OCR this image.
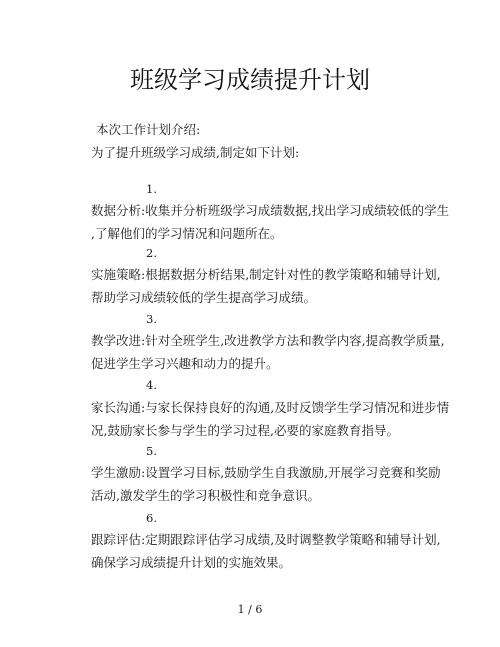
班级学习成绩提升计划

本次工作计划介绍:

为了提升班级学习成绩,制定如下计划:

1.

数据分析:收集并分析班级学习成绩数据,找出学习成绩较低的学生
,了解他们的学习情况和问题所在。

2.

实施策略:根据数据分析结果,制定针对性的教学策略和辅导计划,
帮助学习成绩较低的学生提高学习成绩。

3.

教学改进:针对全班学生,改进教学方法和教学内容,提高教学质量,
促进学生学习兴趣和动力的提升。

4.

家长沟通:与家长保持良好的沟通,及时反馈学生学习情况和进步情
况,鼓励家长参与学生的学习过程,必要的家庭教育指导。

5.

学生激励:设置学习目标,鼓励学生自我激励,开展学习竞赛和奖励
活动,激发学生的学习积极性和竞争意识。

6.

跟踪评估:定期跟踪评估学习成绩,及时调整教学策略和辅导计划,
确保学习成绩提升计划的实施效果。

1 / 6
